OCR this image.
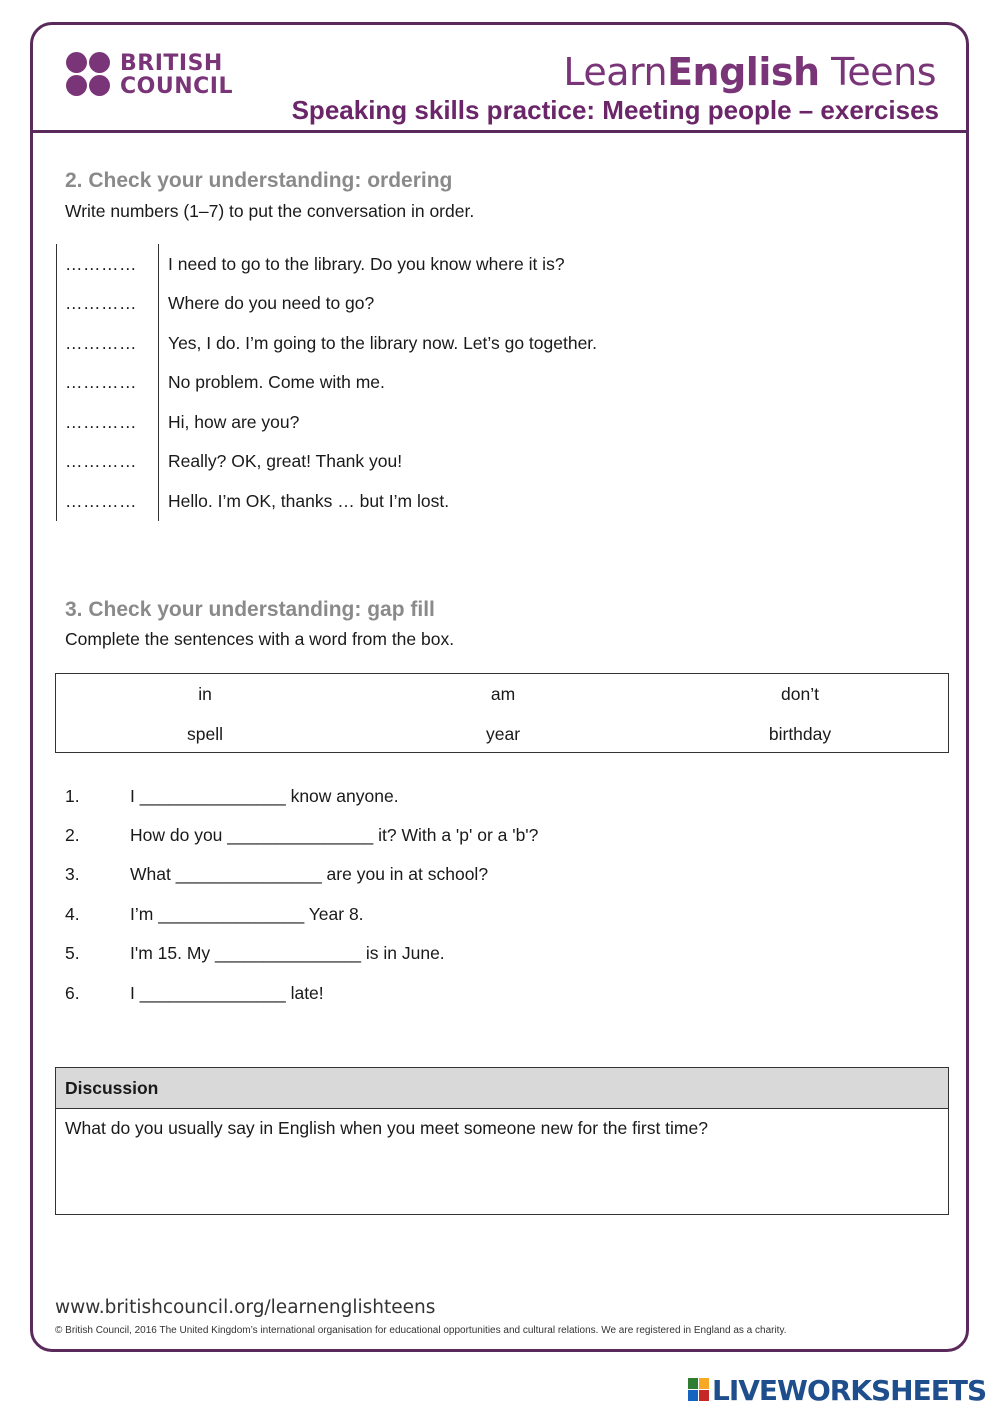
BRITISH
COUNCIL	LearnEnglish Teens
Speaking skills practice: Meeting people – exercises
2. Check your understanding: ordering
Write numbers (1–7) to put the conversation in order.
………… I need to go to the library. Do you know where it is?
………… Where do you need to go?
………… Yes, I do. I’m going to the library now. Let’s go together.
………… No problem. Come with me.
………… Hi, how are you?
………… Really? OK, great! Thank you!
………… Hello. I’m OK, thanks … but I’m lost.
3. Check your understanding: gap fill
Complete the sentences with a word from the box.
in	am	don’t
spell	year	birthday
1.	I _______________ know anyone.
2.	How do you _______________ it? With a 'p' or a 'b'?
3.	What _______________ are you in at school?
4.	I’m _______________ Year 8.
5.	I'm 15. My _______________ is in June.
6.	I _______________ late!
Discussion
What do you usually say in English when you meet someone new for the first time?
www.britishcouncil.org/learnenglishteens
© British Council, 2016 The United Kingdom’s international organisation for educational opportunities and cultural relations. We are registered in England as a charity.
LIVEWORKSHEETS
